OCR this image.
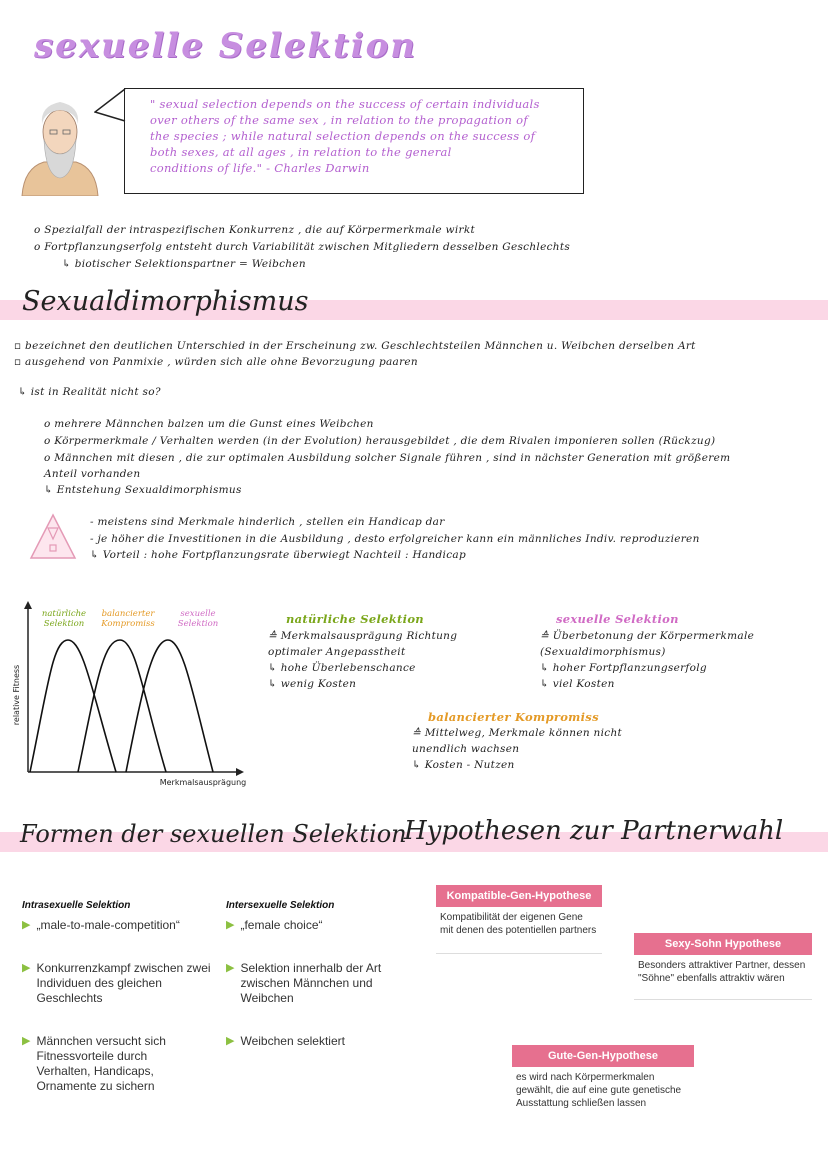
sexuelle Selektion
" sexual selection depends on the success of certain individuals
over others of the same sex , in relation to the propagation of
the species ; while natural selection depends on the success of
both sexes, at all ages , in relation to the general
conditions of life." - Charles Darwin
o Spezialfall der intraspezifischen Konkurrenz , die auf Körpermerkmale wirkt
o Fortpflanzungserfolg entsteht durch Variabilität zwischen Mitgliedern desselben Geschlechts
↳ biotischer Selektionspartner = Weibchen
Sexualdimorphismus
▫ bezeichnet den deutlichen Unterschied in der Erscheinung zw. Geschlechtsteilen Männchen u. Weibchen derselben Art
▫ ausgehend von Panmixie , würden sich alle ohne Bevorzugung paaren
↳ ist in Realität nicht so?
o mehrere Männchen balzen um die Gunst eines Weibchen
o Körpermerkmale / Verhalten werden (in der Evolution) herausgebildet , die dem Rivalen imponieren sollen (Rückzug)
o Männchen mit diesen , die zur optimalen Ausbildung solcher Signale führen , sind in nächster Generation mit größerem
Anteil vorhanden
↳ Entstehung Sexualdimorphismus
- meistens sind Merkmale hinderlich , stellen ein Handicap dar
- je höher die Investitionen in die Ausbildung , desto erfolgreicher kann ein männliches Indiv. reproduzieren
↳ Vorteil : hohe Fortpflanzungsrate überwiegt Nachteil : Handicap
relative Fitness
Merkmalsausprägung
natürliche
Selektion
balancierter
Kompromiss
sexuelle
Selektion	natürliche Selektion
≙ Merkmalsausprägung Richtung
optimaler Angepasstheit
↳ hohe Überlebenschance
↳ wenig Kosten
sexuelle Selektion
≙ Überbetonung der Körpermerkmale
(Sexualdimorphismus)
↳ hoher Fortpflanzungserfolg
↳ viel Kosten
balancierter Kompromiss
≙ Mittelweg, Merkmale können nicht
unendlich wachsen
↳ Kosten - Nutzen
Formen der sexuellen Selektion
Hypothesen zur Partnerwahl
Intrasexuelle Selektion
▶ „male-to-male-competition“
▶ Konkurrenzkampf zwischen zwei Individuen des gleichen Geschlechts
▶ Männchen versucht sich Fitnessvorteile durch Verhalten, Handicaps, Ornamente zu sichern
Intersexuelle Selektion
▶ „female choice“
▶ Selektion innerhalb der Art zwischen Männchen und Weibchen
▶ Weibchen selektiert
Kompatible-Gen-Hypothese
Kompatibilität der eigenen Gene mit denen des potentiellen partners
Sexy-Sohn Hypothese
Besonders attraktiver Partner, dessen "Söhne" ebenfalls attraktiv wären
Gute-Gen-Hypothese
es wird nach Körpermerkmalen gewählt, die auf eine gute genetische Ausstattung schließen lassen
